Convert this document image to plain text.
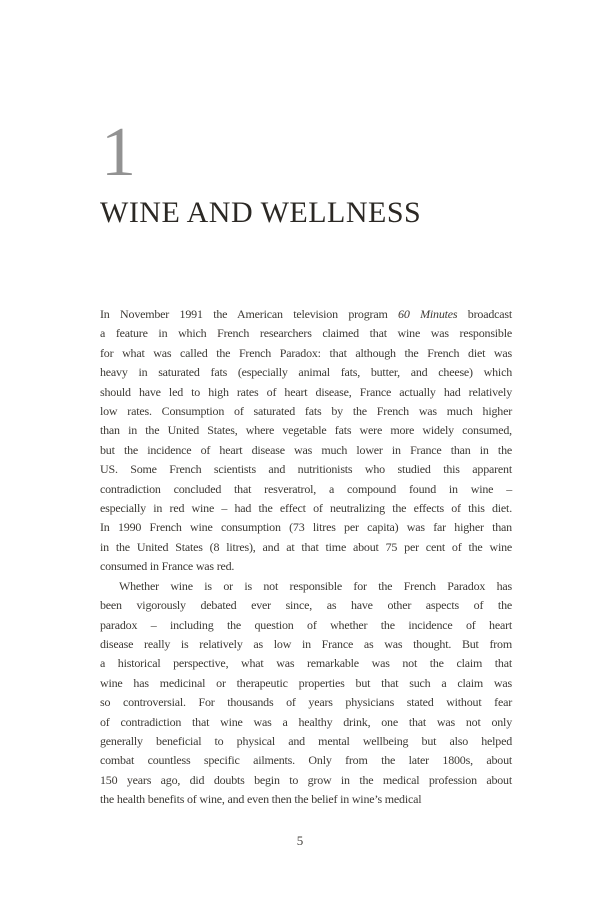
1
WINE AND WELLNESS
In November 1991 the American television program 60 Minutes broadcast
a feature in which French researchers claimed that wine was responsible
for what was called the French Paradox: that although the French diet was
heavy in saturated fats (especially animal fats, butter, and cheese) which
should have led to high rates of heart disease, France actually had relatively
low rates. Consumption of saturated fats by the French was much higher
than in the United States, where vegetable fats were more widely consumed,
but the incidence of heart disease was much lower in France than in the
US. Some French scientists and nutritionists who studied this apparent
contradiction concluded that resveratrol, a compound found in wine –
especially in red wine – had the effect of neutralizing the effects of this diet.
In 1990 French wine consumption (73 litres per capita) was far higher than
in the United States (8 litres), and at that time about 75 per cent of the wine
consumed in France was red.
Whether wine is or is not responsible for the French Paradox has
been vigorously debated ever since, as have other aspects of the
paradox – including the question of whether the incidence of heart
disease really is relatively as low in France as was thought. But from
a historical perspective, what was remarkable was not the claim that
wine has medicinal or therapeutic properties but that such a claim was
so controversial. For thousands of years physicians stated without fear
of contradiction that wine was a healthy drink, one that was not only
generally beneficial to physical and mental wellbeing but also helped
combat countless specific ailments. Only from the later 1800s, about
150 years ago, did doubts begin to grow in the medical profession about
the health benefits of wine, and even then the belief in wine’s medical
5
